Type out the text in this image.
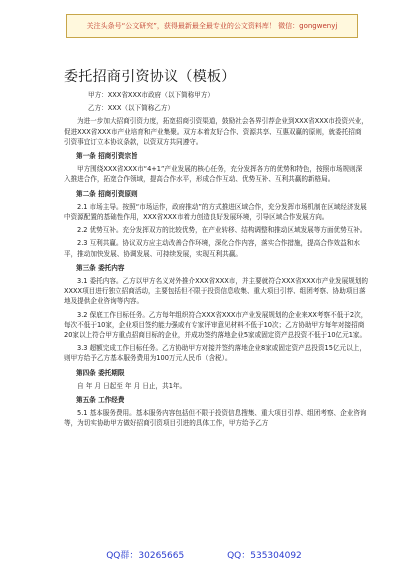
关注头条号“公文研究”，获得最新最全最专业的公文资料库！ 微信：gongwenyj
委托招商引资协议（模板）

甲方：XXX省XXX市政府（以下简称甲方）

乙方：XXX（以下简称乙方）

为进一步加大招商引资力度，拓宽招商引资渠道，鼓励社会各界引荐企业到XXX省XXX市投资兴业，促进XXX省XXX市产业培育和产业集聚。双方本着友好合作、资源共享、互惠双赢的原则，就委托招商引资事宜订立本协议条款，以资双方共同遵守。

第一条 招商引资宗旨

甲方围绕XXX省XXX市“4+1”产业发展的核心任务，充分发挥各方的优势和特色，按照市场规则深入推进合作，拓宽合作领域，提高合作水平，形成合作互动、优势互补、互利共赢的新格局。

第二条 招商引资原则

2.1 市场主导。按照“市场运作，政府推动”的方式推进区域合作，充分发挥市场机制在区域经济发展中资源配置的基础性作用，XXX省XXX市着力创造良好发展环境，引导区域合作发展方向。

2.2 优势互补。充分发挥双方的比较优势，在产业转移、结构调整和推动区域发展等方面优势互补。

2.3 互利共赢。协议双方应主动改善合作环境，深化合作内容，落实合作措施，提高合作效益和水平，推动加快发展、协调发展、可持续发展，实现互利共赢。

第三条 委托内容

3.1 委托内容。乙方以甲方名义对外推介XXX省XXX市，并主要就符合XXX省XXX市产业发展规划的XXXX项目进行独立招商活动，主要包括但不限于投资信息收集、重大项目引荐、组团考察、协助项目落地及提供企业咨询等内容。

3.2 保底工作目标任务。乙方每年组织符合XXX省XXX市产业发展规划的企业来XX考察不低于2次，每次不低于10家，企业项目签约能力强或有专家评审意见材料不低于10次；乙方协助甲方每年对接招商20家以上符合甲方重点招商目标的企业，并成功签约落地企业5家或固定资产总投资不低于10亿元1家。

3.3 超额完成工作目标任务。乙方协助甲方对接并签约落地企业8家或固定资产总投资15亿元以上，则甲方给予乙方基本服务费用为100万元人民币（含税）。

第四条 委托期限

自 年 月 日起至 年 月 日止，共1年。

第五条 工作经费

5.1 基本服务费用。基本服务内容包括但不限于投资信息搜集、重大项目引荐、组团考察、企业咨询等，为切实协助甲方做好招商引资项目引进的具体工作，甲方给予乙方

QQ群：30265665	QQ：535304092
